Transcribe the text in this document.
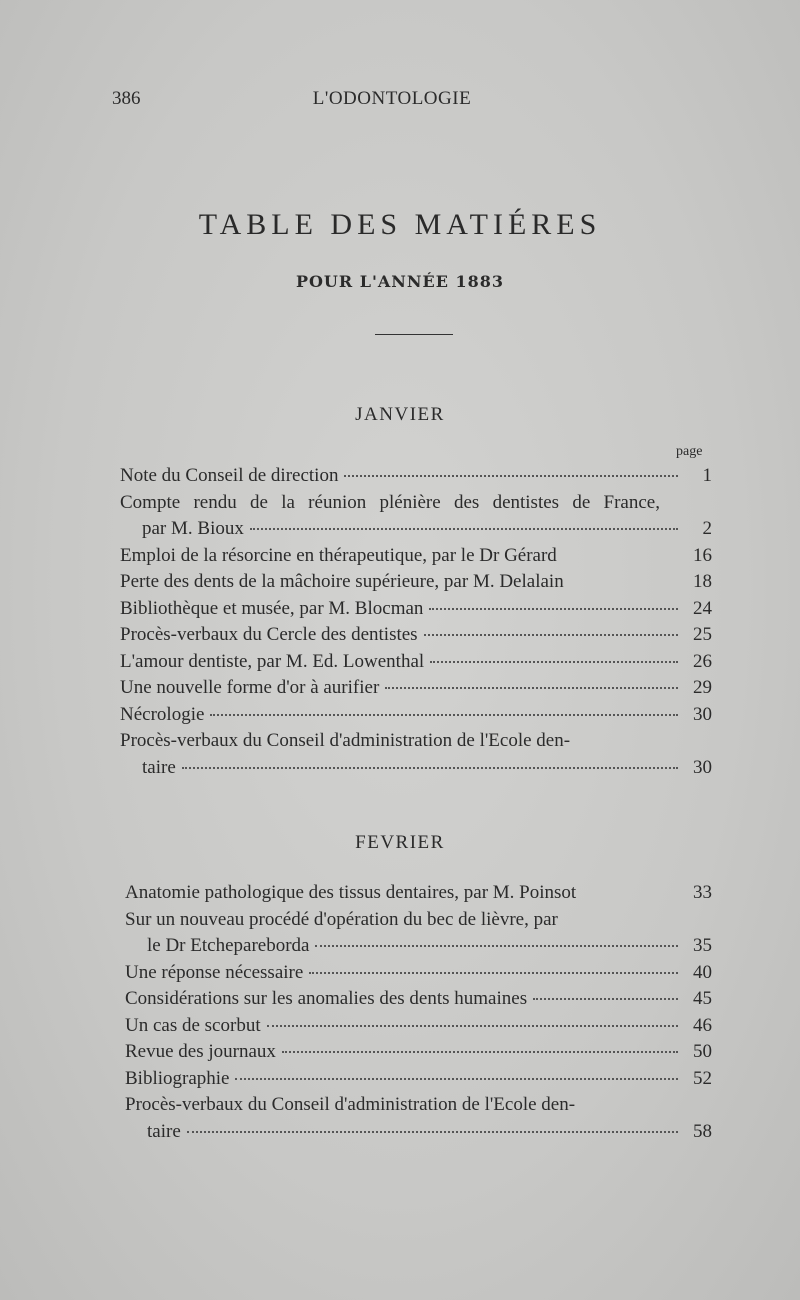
386	L'ODONTOLOGIE
TABLE DES MATIÉRES
POUR L'ANNÉE 1883
JANVIER
page
Note du Conseil de direction	1
Compte rendu de la réunion plénière des dentistes de France,
par M. Bioux	2
Emploi de la résorcine en thérapeutique, par le Dr Gérard	16
Perte des dents de la mâchoire supérieure, par M. Delalain	18
Bibliothèque et musée, par M. Blocman	24
Procès-verbaux du Cercle des dentistes	25
L'amour dentiste, par M. Ed. Lowenthal	26
Une nouvelle forme d'or à aurifier	29
Nécrologie	30
Procès-verbaux du Conseil d'administration de l'Ecole den-
taire	30
FEVRIER
Anatomie pathologique des tissus dentaires, par M. Poinsot	33
Sur un nouveau procédé d'opération du bec de lièvre, par
le Dr Etchepareborda	35
Une réponse nécessaire	40
Considérations sur les anomalies des dents humaines	45
Un cas de scorbut	46
Revue des journaux	50
Bibliographie	52
Procès-verbaux du Conseil d'administration de l'Ecole den-
taire	58
